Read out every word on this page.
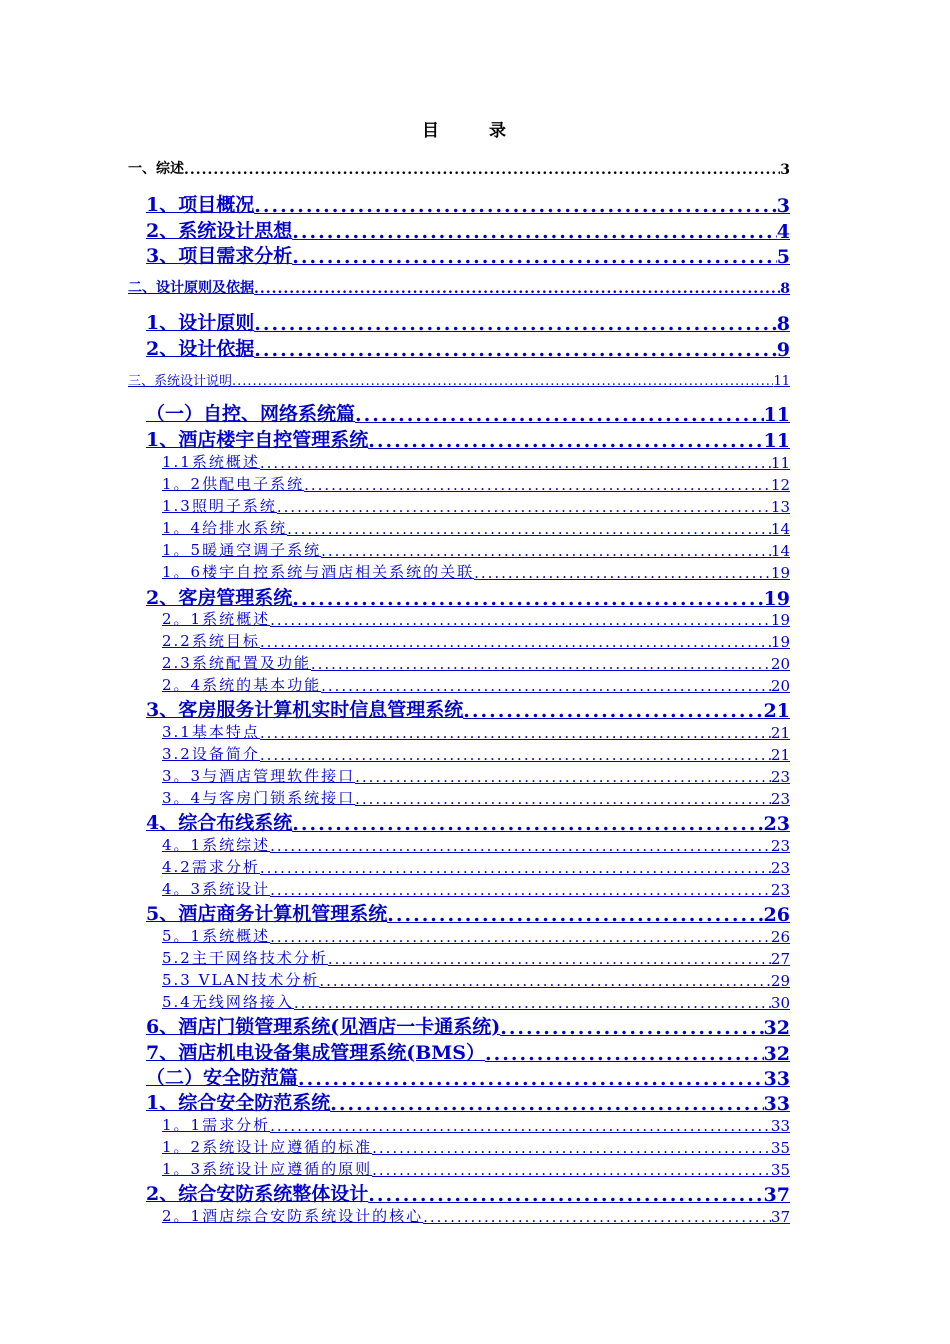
目 录
一、综述 .....	3
1、项目概况 .....	3
2、系统设计思想 .....	4
3、项目需求分析 .....	5
二、设计原则及依据 .....	8
1、设计原则 .....	8
2、设计依据 .....	9
三、系统设计说明 .....	11
（一）自控、网络系统篇 .....	11
1、酒店楼宇自控管理系统 .....	11
1.1系统概述 .....	11
1。2供配电子系统 .....	12
1.3照明子系统 .....	13
1。4给排水系统 .....	14
1。5暖通空调子系统 .....	14
1。6楼宇自控系统与酒店相关系统的关联 .....	19
2、客房管理系统 .....	19
2。1系统概述 .....	19
2.2系统目标 .....	19
2.3系统配置及功能 .....	20
2。4系统的基本功能 .....	20
3、客房服务计算机实时信息管理系统 .....	21
3.1基本特点 .....	21
3.2设备简介 .....	21
3。3与酒店管理软件接口 .....	23
3。4与客房门锁系统接口 .....	23
4、综合布线系统 .....	23
4。1系统综述 .....	23
4.2需求分析 .....	23
4。3系统设计 .....	23
5、酒店商务计算机管理系统 .....	26
5。1系统概述 .....	26
5.2主干网络技术分析 .....	27
5.3 VLAN技术分析 .....	29
5.4无线网络接入 .....	30
6、酒店门锁管理系统(见酒店一卡通系统) .....	32
7、酒店机电设备集成管理系统(BMS） .....	32
（二）安全防范篇 .....	33
1、综合安全防范系统 .....	33
1。1需求分析 .....	33
1。2系统设计应遵循的标准 .....	35
1。3系统设计应遵循的原则 .....	35
2、综合安防系统整体设计 .....	37
2。1酒店综合安防系统设计的核心 .....	37
